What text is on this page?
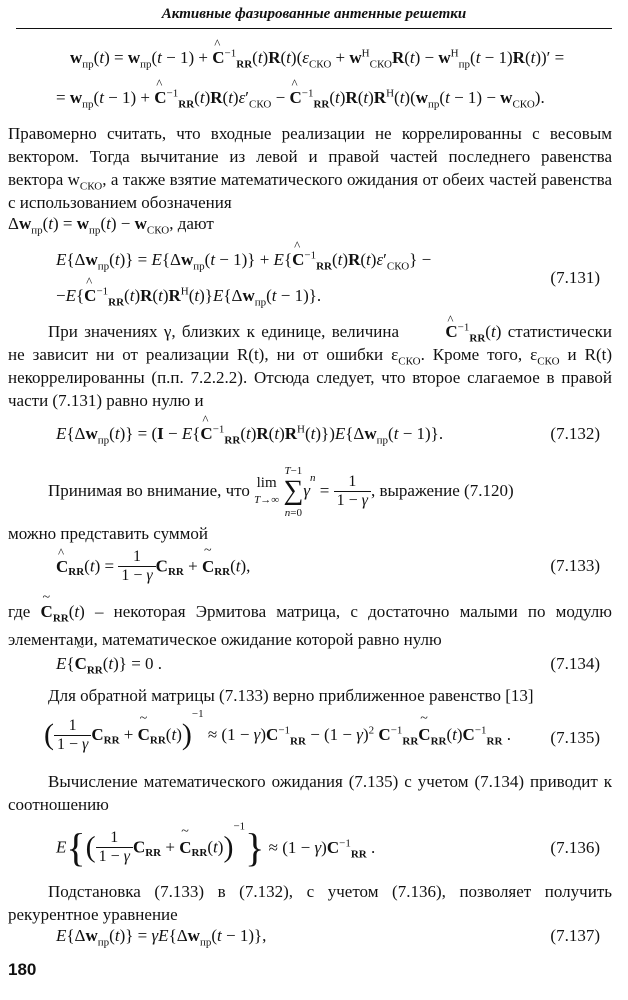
Активные фазированные антенные решетки
$w_{пр}(t) = w_{пр}(t - 1)$ + ^ $C^{-1}_{RR}(t)R(t)(\varepsilon_{СКО} + w^H_{СКО}R(t) - w^H_{пр}(t - 1)R(t))'$ =
= $w_{пр}(t - 1)$ + ^ $C^{-1}_{RR}(t)R(t)\varepsilon'_{СКО}$ − ^ $C^{-1}_{RR}(t)R(t)R^H(t)(w_{пр}(t - 1) - w_{СКО})$.
Правомерно считать, что входные реализации не коррелированны с весовым вектором. Тогда вычитание из левой и правой частей последнего равенства вектора $w_{СКО}$, а также взятие математического ожидания от обеих частей равенства с использованием обозначения
$\Delta w_{пр}(t) = w_{пр}(t) - w_{СКО}$, дают
$E\{\Delta w_{пр}(t)\} = E\{\Delta w_{пр}(t - 1)\}$ + E{^ $C^{-1}_{RR}(t)R(t)\varepsilon'_{СКО}$} −
−E{^ $C^{-1}_{RR}(t)R(t)R^H(t)\}E\{\Delta w_{пр}(t - 1)\}$.
(7.131)
При значениях γ, близких к единице, величина	^ $C^{-1}_{RR}(t)$ статистически не зависит ни от реализации R(t), ни от ошибки $\varepsilon_{СКО}$. Кроме того, $\varepsilon_{СКО}$ и R(t) некоррелированны (п.п. 7.2.2.2). Отсюда следует, что второе слагаемое в правой части (7.131) равно нулю и
$E\{\Delta w_{пр}(t)\} = (I$ − E{^ $C^{-1}_{RR}(t)R(t)R^H(t)\})E\{\Delta w_{пр}(t - 1)\}$.	(7.132)
Принимая во внимание, что lim
T→∞ T−1
∑
$n=0\gamma^n = \frac{1}{1 - \gamma}$ , выражение (7.120)
можно представить суммой
^ $C_{RR}(t) = \frac{1}{1 - \gamma} C_{RR}$ + ~ $C_{RR}(t)$,	(7.133)
где ~ $C_{RR}(t)$ – некоторая Эрмитова матрица, с достаточно малыми по модулю элементами, математическое ожидание которой равно нулю
E{~ $C_{RR}(t)\} = 0$ .	(7.134)
Для обратной матрицы (7.133) верно приближенное равенство [13]
( $\frac{1}{1 - \gamma} C_{RR}$ + ~ $C_{RR}(t))^{-1} \approx (1 - \gamma)C^{-1}_{RR} - (1 - \gamma)^2$ $C^{-1}_{RR}\sim$ $C_{RR}(t)C^{-1}_{RR}$ . (7.135)
Вычисление математического ожидания (7.135) с учетом (7.134) приводит к соотношению
$E\{( \frac{1}{1 - \gamma} C_{RR}$ + ~ $C_{RR}(t))^{-1}\} \approx (1 - \gamma)C^{-1}_{RR}$ .	(7.136)
Подстановка (7.133) в (7.132), с учетом (7.136), позволяет получить рекурентное уравнение
$E\{\Delta w_{пр}(t)\} = \gamma E\{\Delta w_{пр}(t - 1)\}$,	(7.137)
180
